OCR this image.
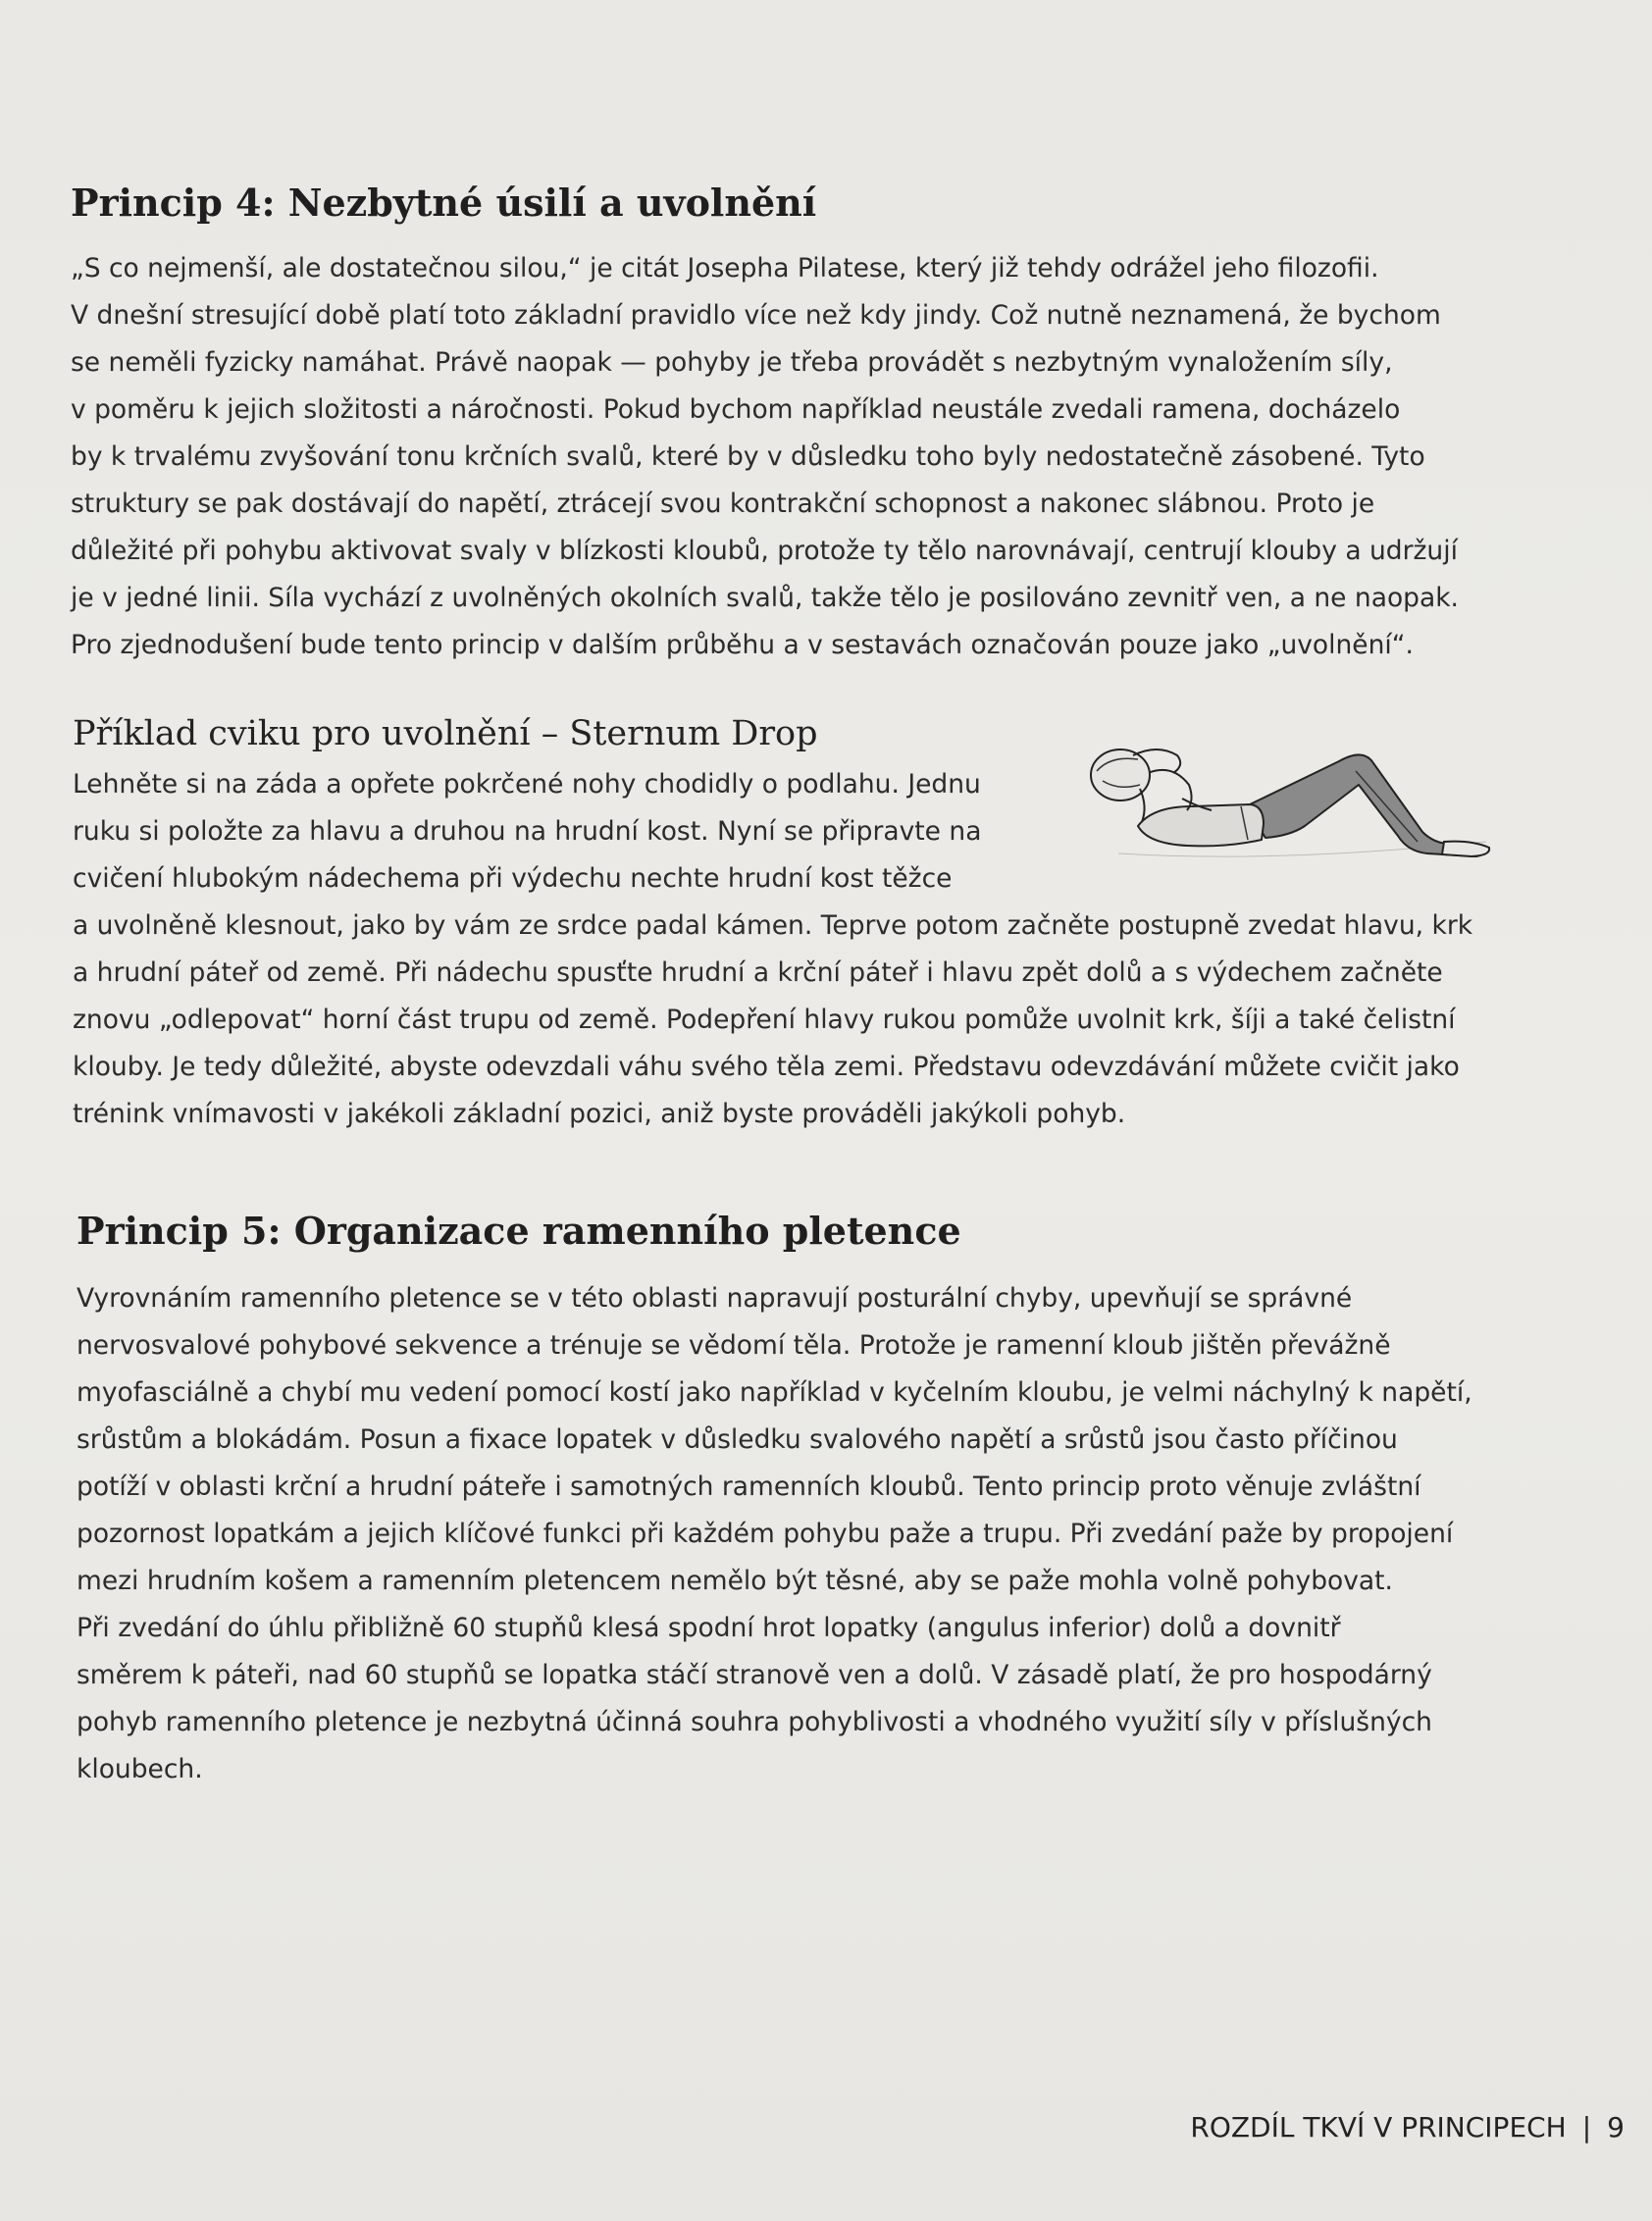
Princip 4: Nezbytné úsilí a uvolnění
„S co nejmenší, ale dostatečnou silou,“ je citát Josepha Pilatese, který již tehdy odrážel jeho filozofii.
V dnešní stresující době platí toto základní pravidlo více než kdy jindy. Což nutně neznamená, že bychom
se neměli fyzicky namáhat. Právě naopak — pohyby je třeba provádět s nezbytným vynaložením síly,
v poměru k jejich složitosti a náročnosti. Pokud bychom například neustále zvedali ramena, docházelo
by k trvalému zvyšování tonu krčních svalů, které by v důsledku toho byly nedostatečně zásobené. Tyto
struktury se pak dostávají do napětí, ztrácejí svou kontrakční schopnost a nakonec slábnou. Proto je
důležité při pohybu aktivovat svaly v blízkosti kloubů, protože ty tělo narovnávají, centrují klouby a udržují
je v jedné linii. Síla vychází z uvolněných okolních svalů, takže tělo je posilováno zevnitř ven, a ne naopak.
Pro zjednodušení bude tento princip v dalším průběhu a v sestavách označován pouze jako „uvolnění“.
Příklad cviku pro uvolnění – Sternum Drop
Lehněte si na záda a opřete pokrčené nohy chodidly o podlahu. Jednu
ruku si položte za hlavu a druhou na hrudní kost. Nyní se připravte na
cvičení hlubokým nádechema při výdechu nechte hrudní kost těžce
a uvolněně klesnout, jako by vám ze srdce padal kámen. Teprve potom začněte postupně zvedat hlavu, krk
a hrudní páteř od země. Při nádechu spusťte hrudní a krční páteř i hlavu zpět dolů a s výdechem začněte
znovu „odlepovat“ horní část trupu od země. Podepření hlavy rukou pomůže uvolnit krk, šíji a také čelistní
klouby. Je tedy důležité, abyste odevzdali váhu svého těla zemi. Představu odevzdávání můžete cvičit jako
trénink vnímavosti v jakékoli základní pozici, aniž byste prováděli jakýkoli pohyb.
Princip 5: Organizace ramenního pletence
Vyrovnáním ramenního pletence se v této oblasti napravují posturální chyby, upevňují se správné
nervosvalové pohybové sekvence a trénuje se vědomí těla. Protože je ramenní kloub jištěn převážně
myofasciálně a chybí mu vedení pomocí kostí jako například v kyčelním kloubu, je velmi náchylný k napětí,
srůstům a blokádám. Posun a fixace lopatek v důsledku svalového napětí a srůstů jsou často příčinou
potíží v oblasti krční a hrudní páteře i samotných ramenních kloubů. Tento princip proto věnuje zvláštní
pozornost lopatkám a jejich klíčové funkci při každém pohybu paže a trupu. Při zvedání paže by propojení
mezi hrudním košem a ramenním pletencem nemělo být těsné, aby se paže mohla volně pohybovat.
Při zvedání do úhlu přibližně 60 stupňů klesá spodní hrot lopatky (angulus inferior) dolů a dovnitř
směrem k páteři, nad 60 stupňů se lopatka stáčí stranově ven a dolů. V zásadě platí, že pro hospodárný
pohyb ramenního pletence je nezbytná účinná souhra pohyblivosti a vhodného využití síly v příslušných
kloubech.
ROZDÍL TKVÍ V PRINCIPECH | 9
